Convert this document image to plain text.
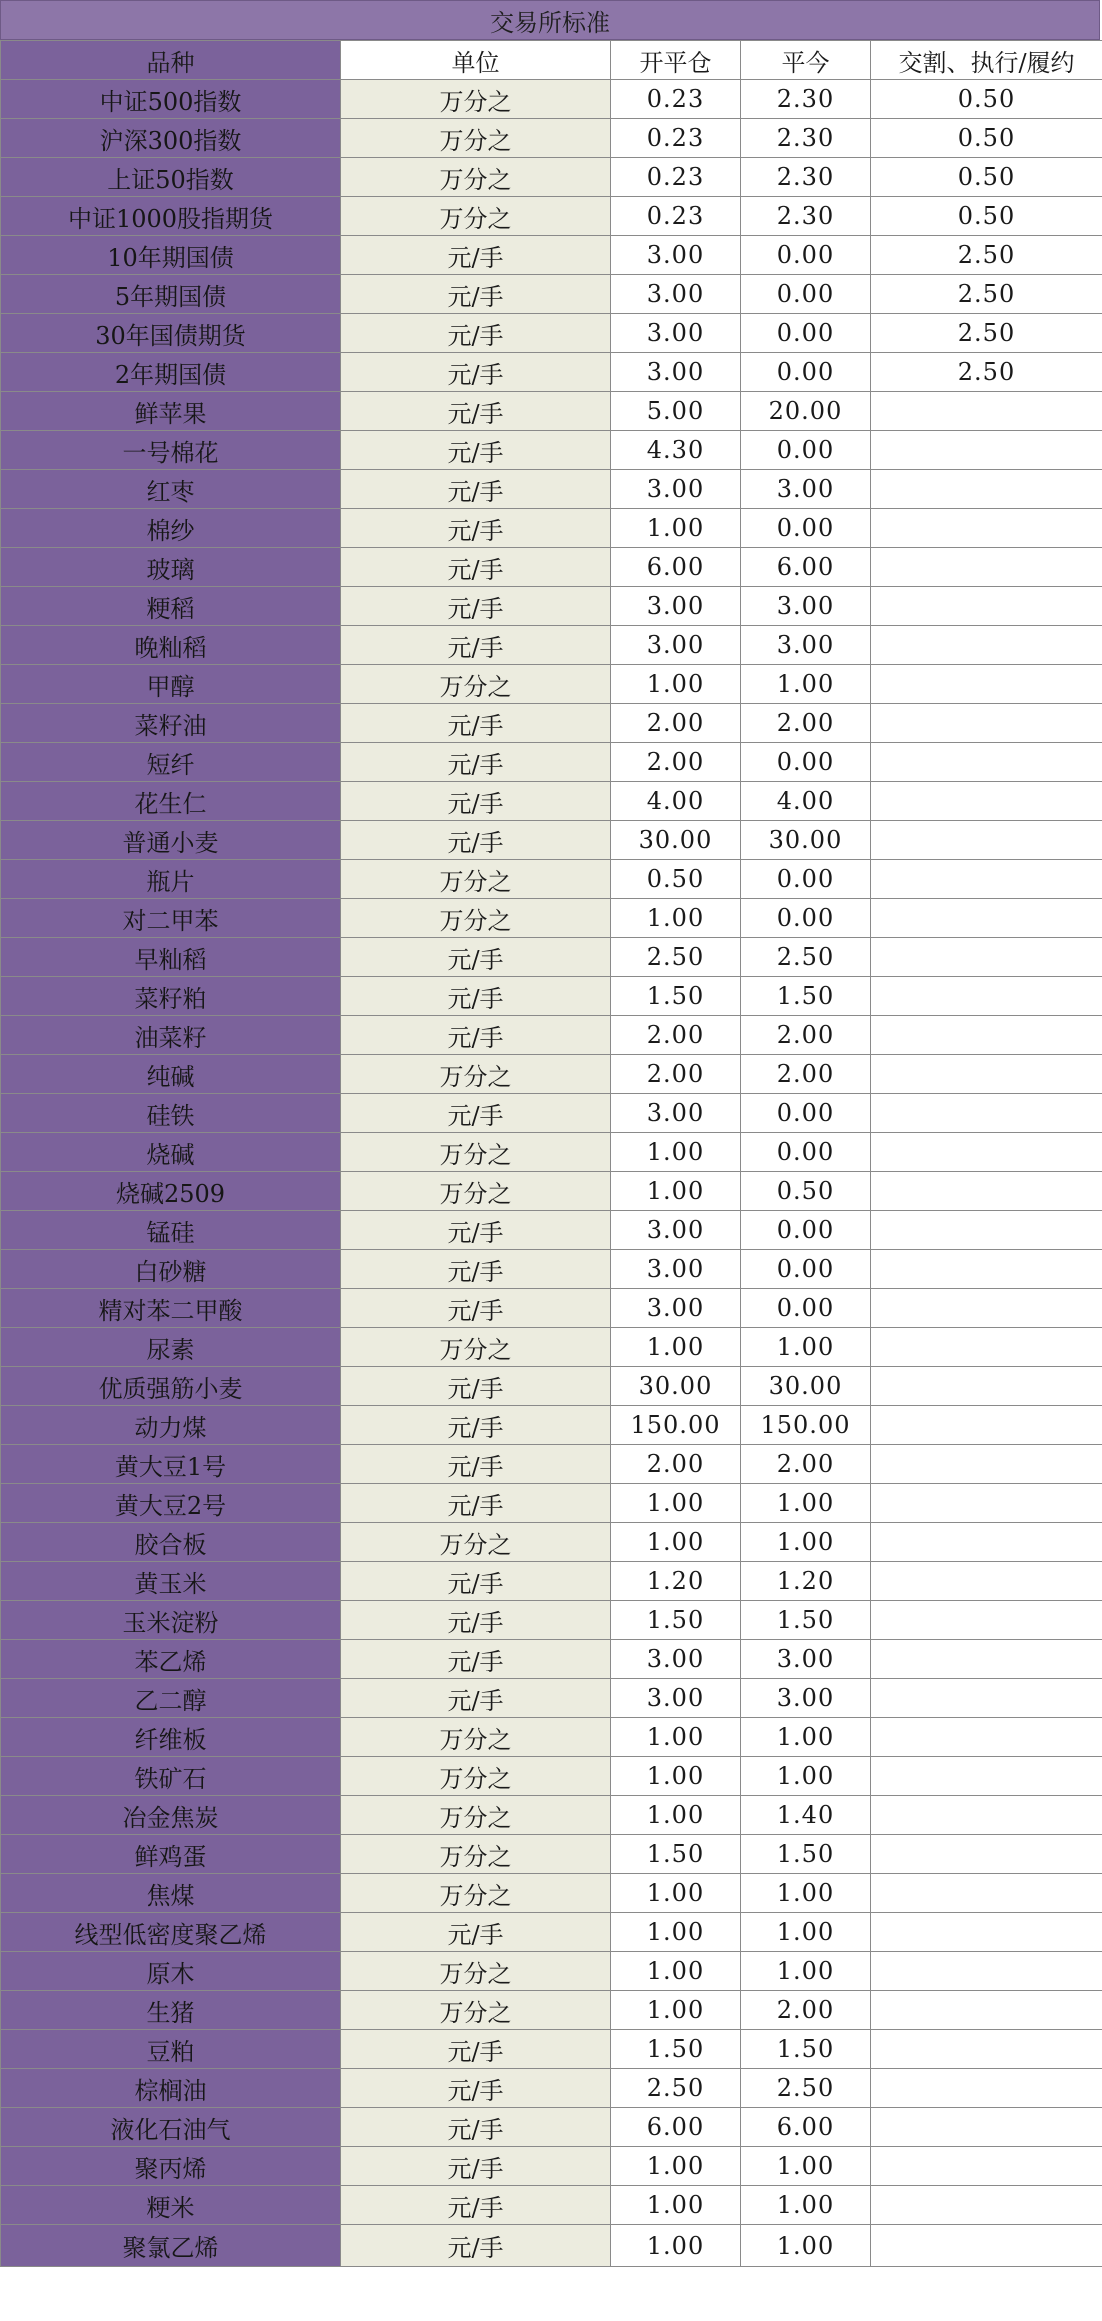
交易所标准
品种	单位	开平仓	平今	交割、执行/履约
中证500指数	万分之	0.23	2.30	0.50
沪深300指数	万分之	0.23	2.30	0.50
上证50指数	万分之	0.23	2.30	0.50
中证1000股指期货	万分之	0.23	2.30	0.50
10年期国债	元/手	3.00	0.00	2.50
5年期国债	元/手	3.00	0.00	2.50
30年国债期货	元/手	3.00	0.00	2.50
2年期国债	元/手	3.00	0.00	2.50
鲜苹果	元/手	5.00	20.00	
一号棉花	元/手	4.30	0.00	
红枣	元/手	3.00	3.00	
棉纱	元/手	1.00	0.00	
玻璃	元/手	6.00	6.00	
粳稻	元/手	3.00	3.00	
晚籼稻	元/手	3.00	3.00	
甲醇	万分之	1.00	1.00	
菜籽油	元/手	2.00	2.00	
短纤	元/手	2.00	0.00	
花生仁	元/手	4.00	4.00	
普通小麦	元/手	30.00	30.00	
瓶片	万分之	0.50	0.00	
对二甲苯	万分之	1.00	0.00	
早籼稻	元/手	2.50	2.50	
菜籽粕	元/手	1.50	1.50	
油菜籽	元/手	2.00	2.00	
纯碱	万分之	2.00	2.00	
硅铁	元/手	3.00	0.00	
烧碱	万分之	1.00	0.00	
烧碱2509	万分之	1.00	0.50	
锰硅	元/手	3.00	0.00	
白砂糖	元/手	3.00	0.00	
精对苯二甲酸	元/手	3.00	0.00	
尿素	万分之	1.00	1.00	
优质强筋小麦	元/手	30.00	30.00	
动力煤	元/手	150.00	150.00	
黄大豆1号	元/手	2.00	2.00	
黄大豆2号	元/手	1.00	1.00	
胶合板	万分之	1.00	1.00	
黄玉米	元/手	1.20	1.20	
玉米淀粉	元/手	1.50	1.50	
苯乙烯	元/手	3.00	3.00	
乙二醇	元/手	3.00	3.00	
纤维板	万分之	1.00	1.00	
铁矿石	万分之	1.00	1.00	
冶金焦炭	万分之	1.00	1.40	
鲜鸡蛋	万分之	1.50	1.50	
焦煤	万分之	1.00	1.00	
线型低密度聚乙烯	元/手	1.00	1.00	
原木	万分之	1.00	1.00	
生猪	万分之	1.00	2.00	
豆粕	元/手	1.50	1.50	
棕榈油	元/手	2.50	2.50	
液化石油气	元/手	6.00	6.00	
聚丙烯	元/手	1.00	1.00	
粳米	元/手	1.00	1.00	
聚氯乙烯	元/手	1.00	1.00	
